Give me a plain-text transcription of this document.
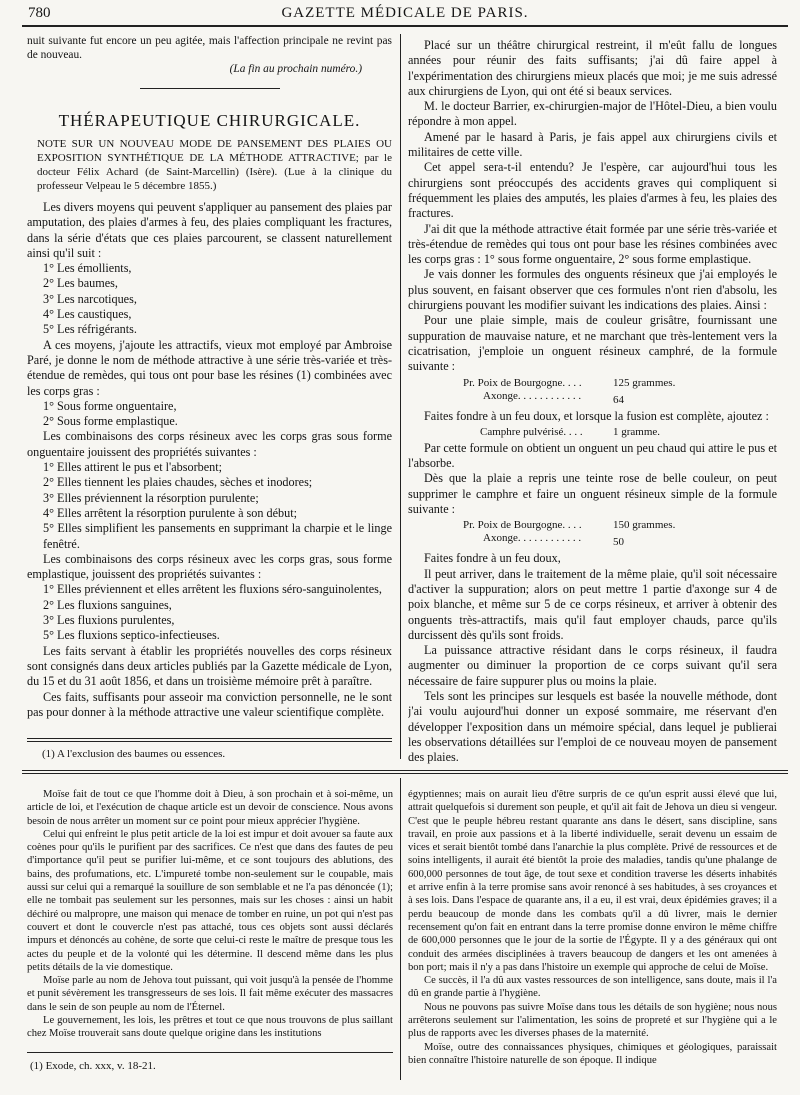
780	GAZETTE MÉDICALE DE PARIS.

nuit suivante fut encore un peu agitée, mais l'affection principale ne revint pas de nouveau.

(La fin au prochain numéro.)

THÉRAPEUTIQUE CHIRURGICALE.
NOTE SUR UN NOUVEAU MODE DE PANSEMENT DES PLAIES OU EXPOSITION SYNTHÉTIQUE DE LA MÉTHODE ATTRACTIVE; par le docteur Félix Achard (de Saint-Marcellin) (Isère). (Lue à la clinique du professeur Velpeau le 5 décembre 1855.)

Les divers moyens qui peuvent s'appliquer au pansement des plaies par amputation, des plaies d'armes à feu, des plaies compliquant les fractures, dans la série d'états que ces plaies parcourent, se classent naturellement ainsi qu'il suit :

1° Les émollients,

2° Les baumes,

3° Les narcotiques,

4° Les caustiques,

5° Les réfrigérants.

A ces moyens, j'ajoute les attractifs, vieux mot employé par Ambroise Paré, je donne le nom de méthode attractive à une série très-variée et très-étendue de remèdes, qui tous ont pour base les résines (1) combinées avec les corps gras :

1° Sous forme onguentaire,

2° Sous forme emplastique.

Les combinaisons des corps résineux avec les corps gras sous forme onguentaire jouissent des propriétés suivantes :

1° Elles attirent le pus et l'absorbent;

2° Elles tiennent les plaies chaudes, sèches et inodores;

3° Elles préviennent la résorption purulente;

4° Elles arrêtent la résorption purulente à son début;

5° Elles simplifient les pansements en supprimant la charpie et le linge fenêtré.

Les combinaisons des corps résineux avec les corps gras, sous forme emplastique, jouissent des propriétés suivantes :

1° Elles préviennent et elles arrêtent les fluxions séro-sanguinolentes,

2° Les fluxions sanguines,

3° Les fluxions purulentes,

5° Les fluxions septico-infectieuses.

Les faits servant à établir les propriétés nouvelles des corps résineux sont consignés dans deux articles publiés par la Gazette médicale de Lyon, du 15 et du 31 août 1856, et dans un troisième mémoire prêt à paraître.

Ces faits, suffisants pour asseoir ma conviction personnelle, ne le sont pas pour donner à la méthode attractive une valeur scientifique complète.

(1) A l'exclusion des baumes ou essences.

Placé sur un théâtre chirurgical restreint, il m'eût fallu de longues années pour réunir des faits suffisants; j'ai dû faire appel à l'expérimentation des chirurgiens mieux placés que moi; je me suis adressé aux chirurgiens de Lyon, qui ont été si beaux services.

M. le docteur Barrier, ex-chirurgien-major de l'Hôtel-Dieu, a bien voulu répondre à mon appel.

Amené par le hasard à Paris, je fais appel aux chirurgiens civils et militaires de cette ville.

Cet appel sera-t-il entendu? Je l'espère, car aujourd'hui tous les chirurgiens sont préoccupés des accidents graves qui compliquent si fréquemment les plaies des amputés, les plaies d'armes à feu, les plaies des fractures.

J'ai dit que la méthode attractive était formée par une série très-variée et très-étendue de remèdes qui tous ont pour base les résines combinées avec les corps gras : 1° sous forme onguentaire, 2° sous forme emplastique.

Je vais donner les formules des onguents résineux que j'ai employés le plus souvent, en faisant observer que ces formules n'ont rien d'absolu, les chirurgiens pouvant les modifier suivant les indications des plaies. Ainsi :

Pour une plaie simple, mais de couleur grisâtre, fournissant une suppuration de mauvaise nature, et ne marchant que très-lentement vers la cicatrisation, j'emploie un onguent résineux camphré, de la formule suivante :

Pr. Poix de Bourgogne. . . .	125 grammes.
Axonge. . . . . . . . . . . .	64

Faites fondre à un feu doux, et lorsque la fusion est complète, ajoutez :

Camphre pulvérisé. . . .	1 gramme.

Par cette formule on obtient un onguent un peu chaud qui attire le pus et l'absorbe.

Dès que la plaie a repris une teinte rose de belle couleur, on peut supprimer le camphre et faire un onguent résineux simple de la formule suivante :

Pr. Poix de Bourgogne. . . .	150 grammes.
Axonge. . . . . . . . . . . .	50

Faites fondre à un feu doux,

Il peut arriver, dans le traitement de la même plaie, qu'il soit nécessaire d'activer la suppuration; alors on peut mettre 1 partie d'axonge sur 4 de poix blanche, et même sur 5 de ce corps résineux, et arriver à obtenir des onguents très-attractifs, mais qu'il faut employer chauds, parce qu'ils durcissent dès qu'ils sont froids.

La puissance attractive résidant dans le corps résineux, il faudra augmenter ou diminuer la proportion de ce corps suivant qu'il sera nécessaire de faire suppurer plus ou moins la plaie.

Tels sont les principes sur lesquels est basée la nouvelle méthode, dont j'ai voulu aujourd'hui donner un exposé sommaire, me réservant d'en développer l'exposition dans un mémoire spécial, dans lequel je publierai les observations détaillées sur l'emploi de ce nouveau moyen de pansement des plaies.

Moïse fait de tout ce que l'homme doit à Dieu, à son prochain et à soi-même, un article de loi, et l'exécution de chaque article est un devoir de conscience. Nous avons besoin de nous arrêter un moment sur ce point pour mieux apprécier l'hygiène.

Celui qui enfreint le plus petit article de la loi est impur et doit avouer sa faute aux coènes pour qu'ils le purifient par des sacrifices. Ce n'est que dans des fautes de peu d'importance qu'il peut se purifier lui-même, et ce sont toujours des ablutions, des bains, des profumations, etc. L'impureté tombe non-seulement sur le coupable, mais aussi sur celui qui a remarqué la souillure de son semblable et ne l'a pas dénoncée (1); elle ne tombait pas seulement sur les personnes, mais sur les choses : ainsi un habit déchiré ou malpropre, une maison qui menace de tomber en ruine, un pot qui n'est pas couvert et dont le couvercle n'est pas attaché, tous ces objets sont aussi déclarés impurs et dénoncés au cohène, de sorte que celui-ci reste le maître de presque tous les actes du peuple et de la volonté qui les détermine. Il descend même dans les plus petits détails de la vie domestique.

Moïse parle au nom de Jehova tout puissant, qui voit jusqu'à la pensée de l'homme et punit sévèrement les transgresseurs de ses lois. Il fait même exécuter des massacres dans le sein de son peuple au nom de l'Éternel.

Le gouvernement, les lois, les prêtres et tout ce que nous trouvons de plus saillant chez Moïse trouverait sans doute quelque origine dans les institutions

(1) Exode, ch. xxx, v. 18-21.

égyptiennes; mais on aurait lieu d'être surpris de ce qu'un esprit aussi élevé que lui, attrait quelquefois si durement son peuple, et qu'il ait fait de Jehova un dieu si vengeur. C'est que le peuple hébreu restant quarante ans dans le désert, sans discipline, sans travail, en proie aux passions et à la liberté individuelle, serait devenu un essaim de vices et serait bientôt tombé dans l'anarchie la plus complète. Privé de ressources et de soins intelligents, il aurait été bientôt la proie des maladies, tandis qu'une phalange de 600,000 personnes de tout âge, de tout sexe et condition traverse les déserts inhabités et arrive enfin à la terre promise sans avoir renoncé à ses habitudes, à ses croyances et à ses lois. Dans l'espace de quarante ans, il a eu, il est vrai, deux épidémies graves; il a perdu beaucoup de monde dans les combats qu'il a dû livrer, mais le dernier recensement qu'on fait en entrant dans la terre promise donne environ le même chiffre de 600,000 personnes que le jour de la sortie de l'Égypte. Il y a des généraux qui ont conduit des armées disciplinées à travers beaucoup de dangers et les ont amenées à bon port; mais il n'y a pas dans l'histoire un exemple qui approche de celui de Moïse.

Ce succès, il l'a dû aux vastes ressources de son intelligence, sans doute, mais il l'a dû en grande partie à l'hygiène.

Nous ne pouvons pas suivre Moïse dans tous les détails de son hygiène; nous nous arrêterons seulement sur l'alimentation, les soins de propreté et sur l'hygiène qui a le plus de rapports avec les diverses phases de la maternité.

Moïse, outre des connaissances physiques, chimiques et géologiques, paraissait bien connaître l'histoire naturelle de son époque. Il indique
